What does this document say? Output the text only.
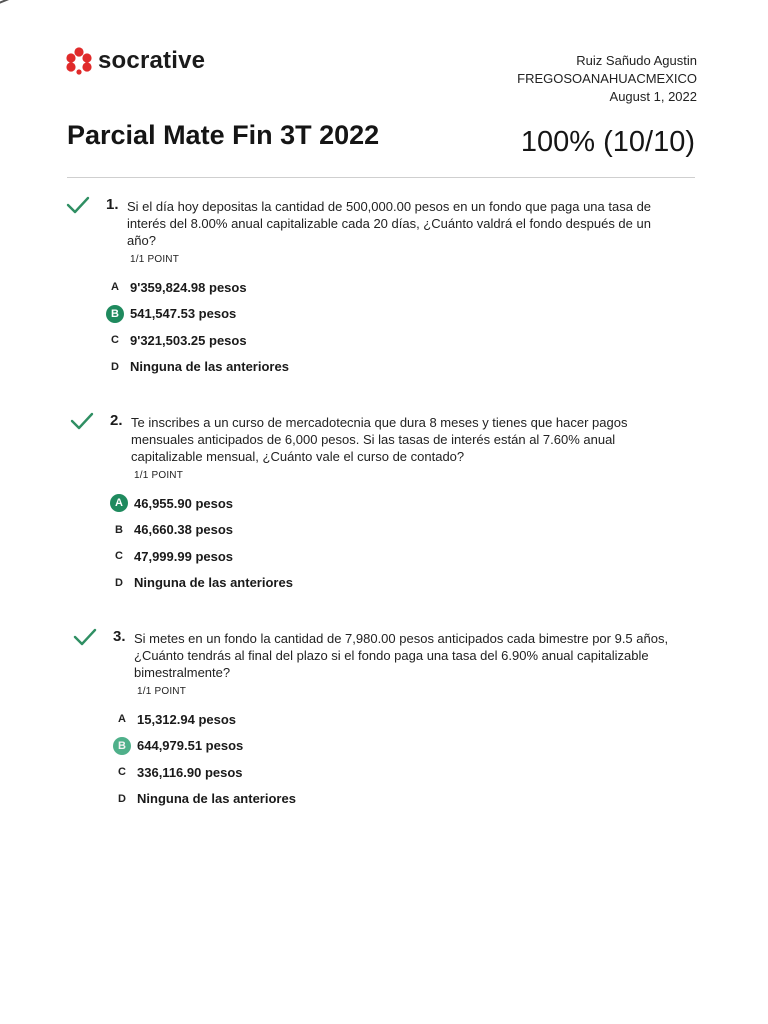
socrative	Ruiz Sañudo Agustin
FREGOSOANAHUACMEXICO
August 1, 2022
Parcial Mate Fin 3T 2022	100% (10/10)
1. Si el día hoy depositas la cantidad de 500,000.00 pesos en un fondo que paga una tasa de interés del 8.00% anual capitalizable cada 20 días, ¿Cuánto valdrá el fondo después de un año?
1/1 POINT
A 9'359,824.98 pesos
B 541,547.53 pesos
C 9'321,503.25 pesos
D Ninguna de las anteriores
2. Te inscribes a un curso de mercadotecnia que dura 8 meses y tienes que hacer pagos mensuales anticipados de 6,000 pesos. Si las tasas de interés están al 7.60% anual capitalizable mensual, ¿Cuánto vale el curso de contado?
1/1 POINT
A 46,955.90 pesos
B 46,660.38 pesos
C 47,999.99 pesos
D Ninguna de las anteriores
3. Si metes en un fondo la cantidad de 7,980.00 pesos anticipados cada bimestre por 9.5 años, ¿Cuánto tendrás al final del plazo si el fondo paga una tasa del 6.90% anual capitalizable bimestralmente?
1/1 POINT
A 15,312.94 pesos
B 644,979.51 pesos
C 336,116.90 pesos
D Ninguna de las anteriores
